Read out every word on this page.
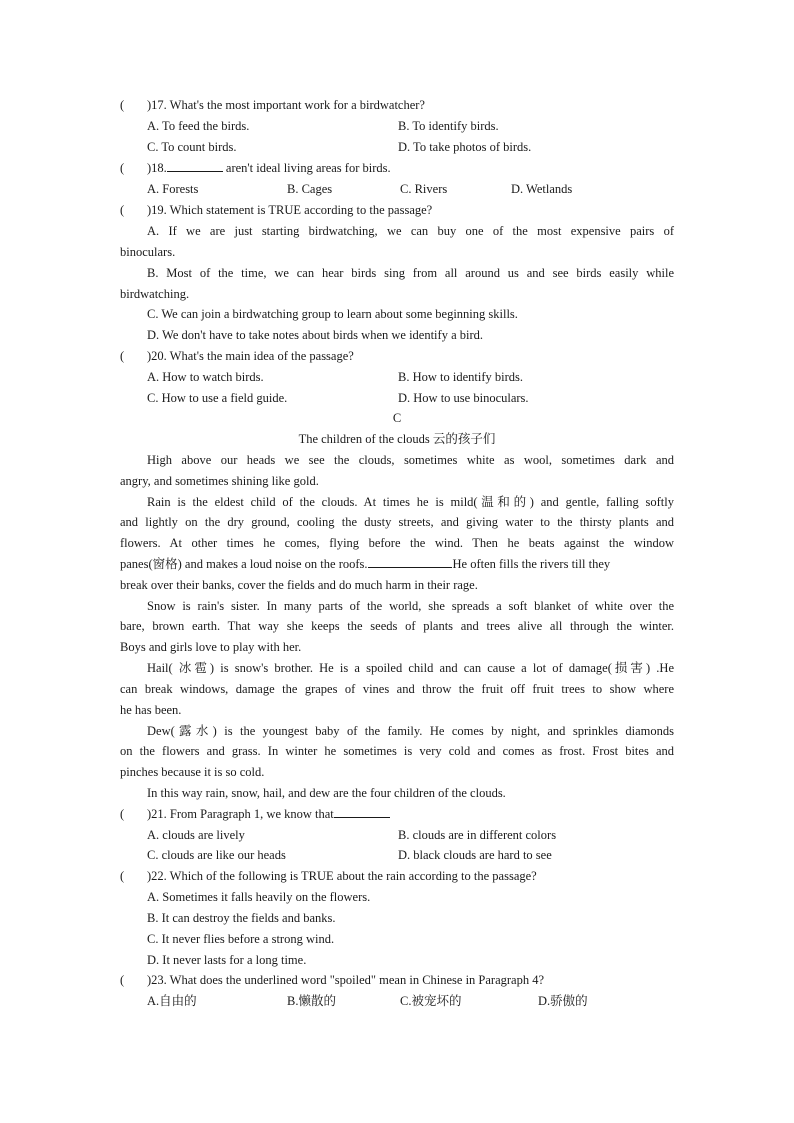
( )17. What's the most important work for a birdwatcher?
A. To feed the birds.	B. To identify birds.
C. To count birds.	D. To take photos of birds.
( )18.	aren't ideal living areas for birds.
A. Forests	B. Cages	C. Rivers	D. Wetlands
( )19. Which statement is TRUE according to the passage?
A. If we are just starting birdwatching, we can buy one of the most expensive pairs of
binoculars.
B. Most of the time, we can hear birds sing from all around us and see birds easily while
birdwatching.
C. We can join a birdwatching group to learn about some beginning skills.
D. We don't have to take notes about birds when we identify a bird.
( )20. What's the main idea of the passage?
A. How to watch birds.	B. How to identify birds.
C. How to use a field guide.	D. How to use binoculars.
C
The children of the clouds 云的孩子们
High above our heads we see the clouds, sometimes white as wool, sometimes dark and
angry, and sometimes shining like gold.
Rain is the eldest child of the clouds. At times he is mild(温和的) and gentle, falling softly
and lightly on the dry ground, cooling the dusty streets, and giving water to the thirsty plants and
flowers. At other times he comes, flying before the wind. Then he beats against the window
panes(窗格) and makes a loud noise on the roofs.	He often fills the rivers till they
break over their banks, cover the fields and do much harm in their rage.
Snow is rain's sister. In many parts of the world, she spreads a soft blanket of white over the
bare, brown earth. That way she keeps the seeds of plants and trees alive all through the winter.
Boys and girls love to play with her.
Hail( 冰雹) is snow's brother. He is a spoiled child and can cause a lot of damage(损害) .He
can break windows, damage the grapes of vines and throw the fruit off fruit trees to show where
he has been.
Dew(露水) is the youngest baby of the family. He comes by night, and sprinkles diamonds
on the flowers and grass. In winter he sometimes is very cold and comes as frost. Frost bites and
pinches because it is so cold.
In this way rain, snow, hail, and dew are the four children of the clouds.
( )21. From Paragraph 1, we know that
A. clouds are lively	B. clouds are in different colors
C. clouds are like our heads	D. black clouds are hard to see
( )22. Which of the following is TRUE about the rain according to the passage?
A. Sometimes it falls heavily on the flowers.
B. It can destroy the fields and banks.
C. It never flies before a strong wind.
D. It never lasts for a long time.
( )23. What does the underlined word "spoiled" mean in Chinese in Paragraph 4?
A.自由的	B.懒散的	C.被宠坏的	D.骄傲的
